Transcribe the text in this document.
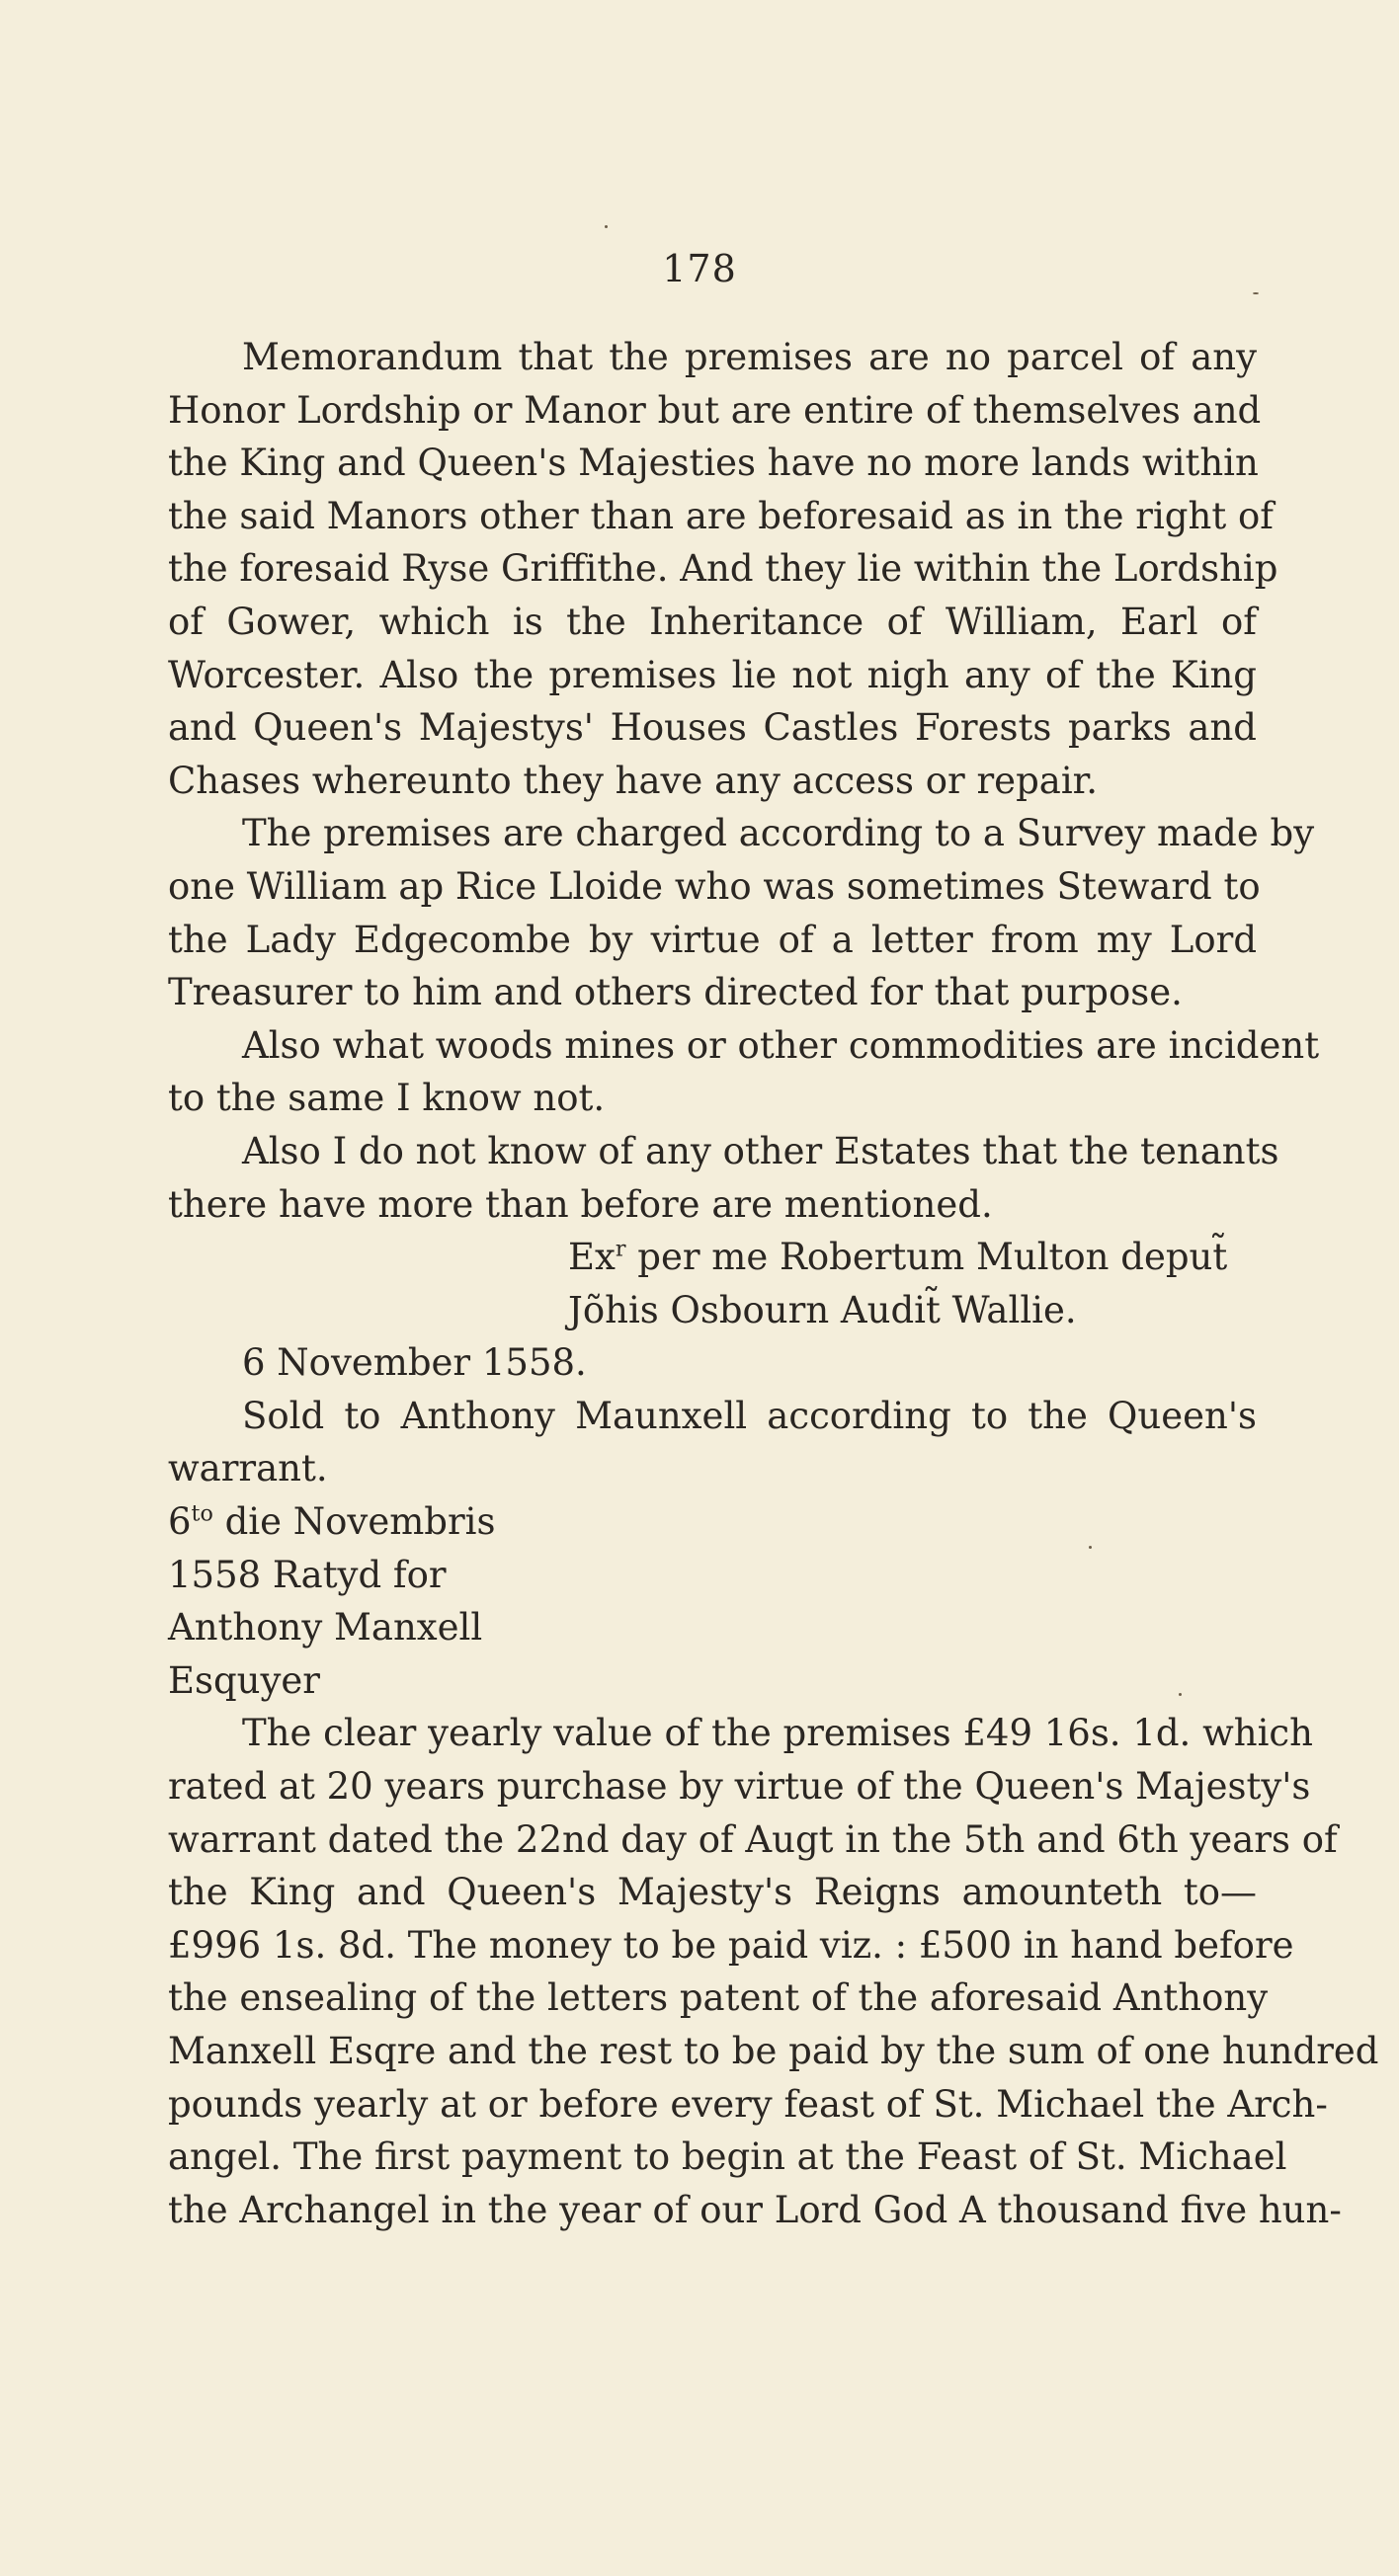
178

Memorandum that the premises are no parcel of any
Honor Lordship or Manor but are entire of themselves and
the King and Queen's Majesties have no more lands within
the said Manors other than are beforesaid as in the right of
the foresaid Ryse Griffithe. And they lie within the Lordship
of Gower, which is the Inheritance of William, Earl of
Worcester. Also the premises lie not nigh any of the King
and Queen's Majestys' Houses Castles Forests parks and
Chases whereunto they have any access or repair.

The premises are charged according to a Survey made by
one William ap Rice Lloide who was sometimes Steward to
the Lady Edgecombe by virtue of a letter from my Lord
Treasurer to him and others directed for that purpose.

Also what woods mines or other commodities are incident
to the same I know not.

Also I do not know of any other Estates that the tenants
there have more than before are mentioned.

Ex$^r$ per me Robertum Multon deput̃
Jõhis Osbourn Audit̃ Wallie.

6 November 1558.

Sold to Anthony Maunxell according to the Queen's
warrant.

$6^{to}$ die Novembris
1558 Ratyd for
Anthony Manxell
Esquyer

The clear yearly value of the premises £49 16s. 1d. which
rated at 20 years purchase by virtue of the Queen's Majesty's
warrant dated the 22nd day of Augt in the 5th and 6th years of
the King and Queen's Majesty's Reigns amounteth to—
£996 1s. 8d. The money to be paid viz. : £500 in hand before
the ensealing of the letters patent of the aforesaid Anthony
Manxell Esqre and the rest to be paid by the sum of one hundred
pounds yearly at or before every feast of St. Michael the Arch-
angel. The first payment to begin at the Feast of St. Michael
the Archangel in the year of our Lord God A thousand five hun-
